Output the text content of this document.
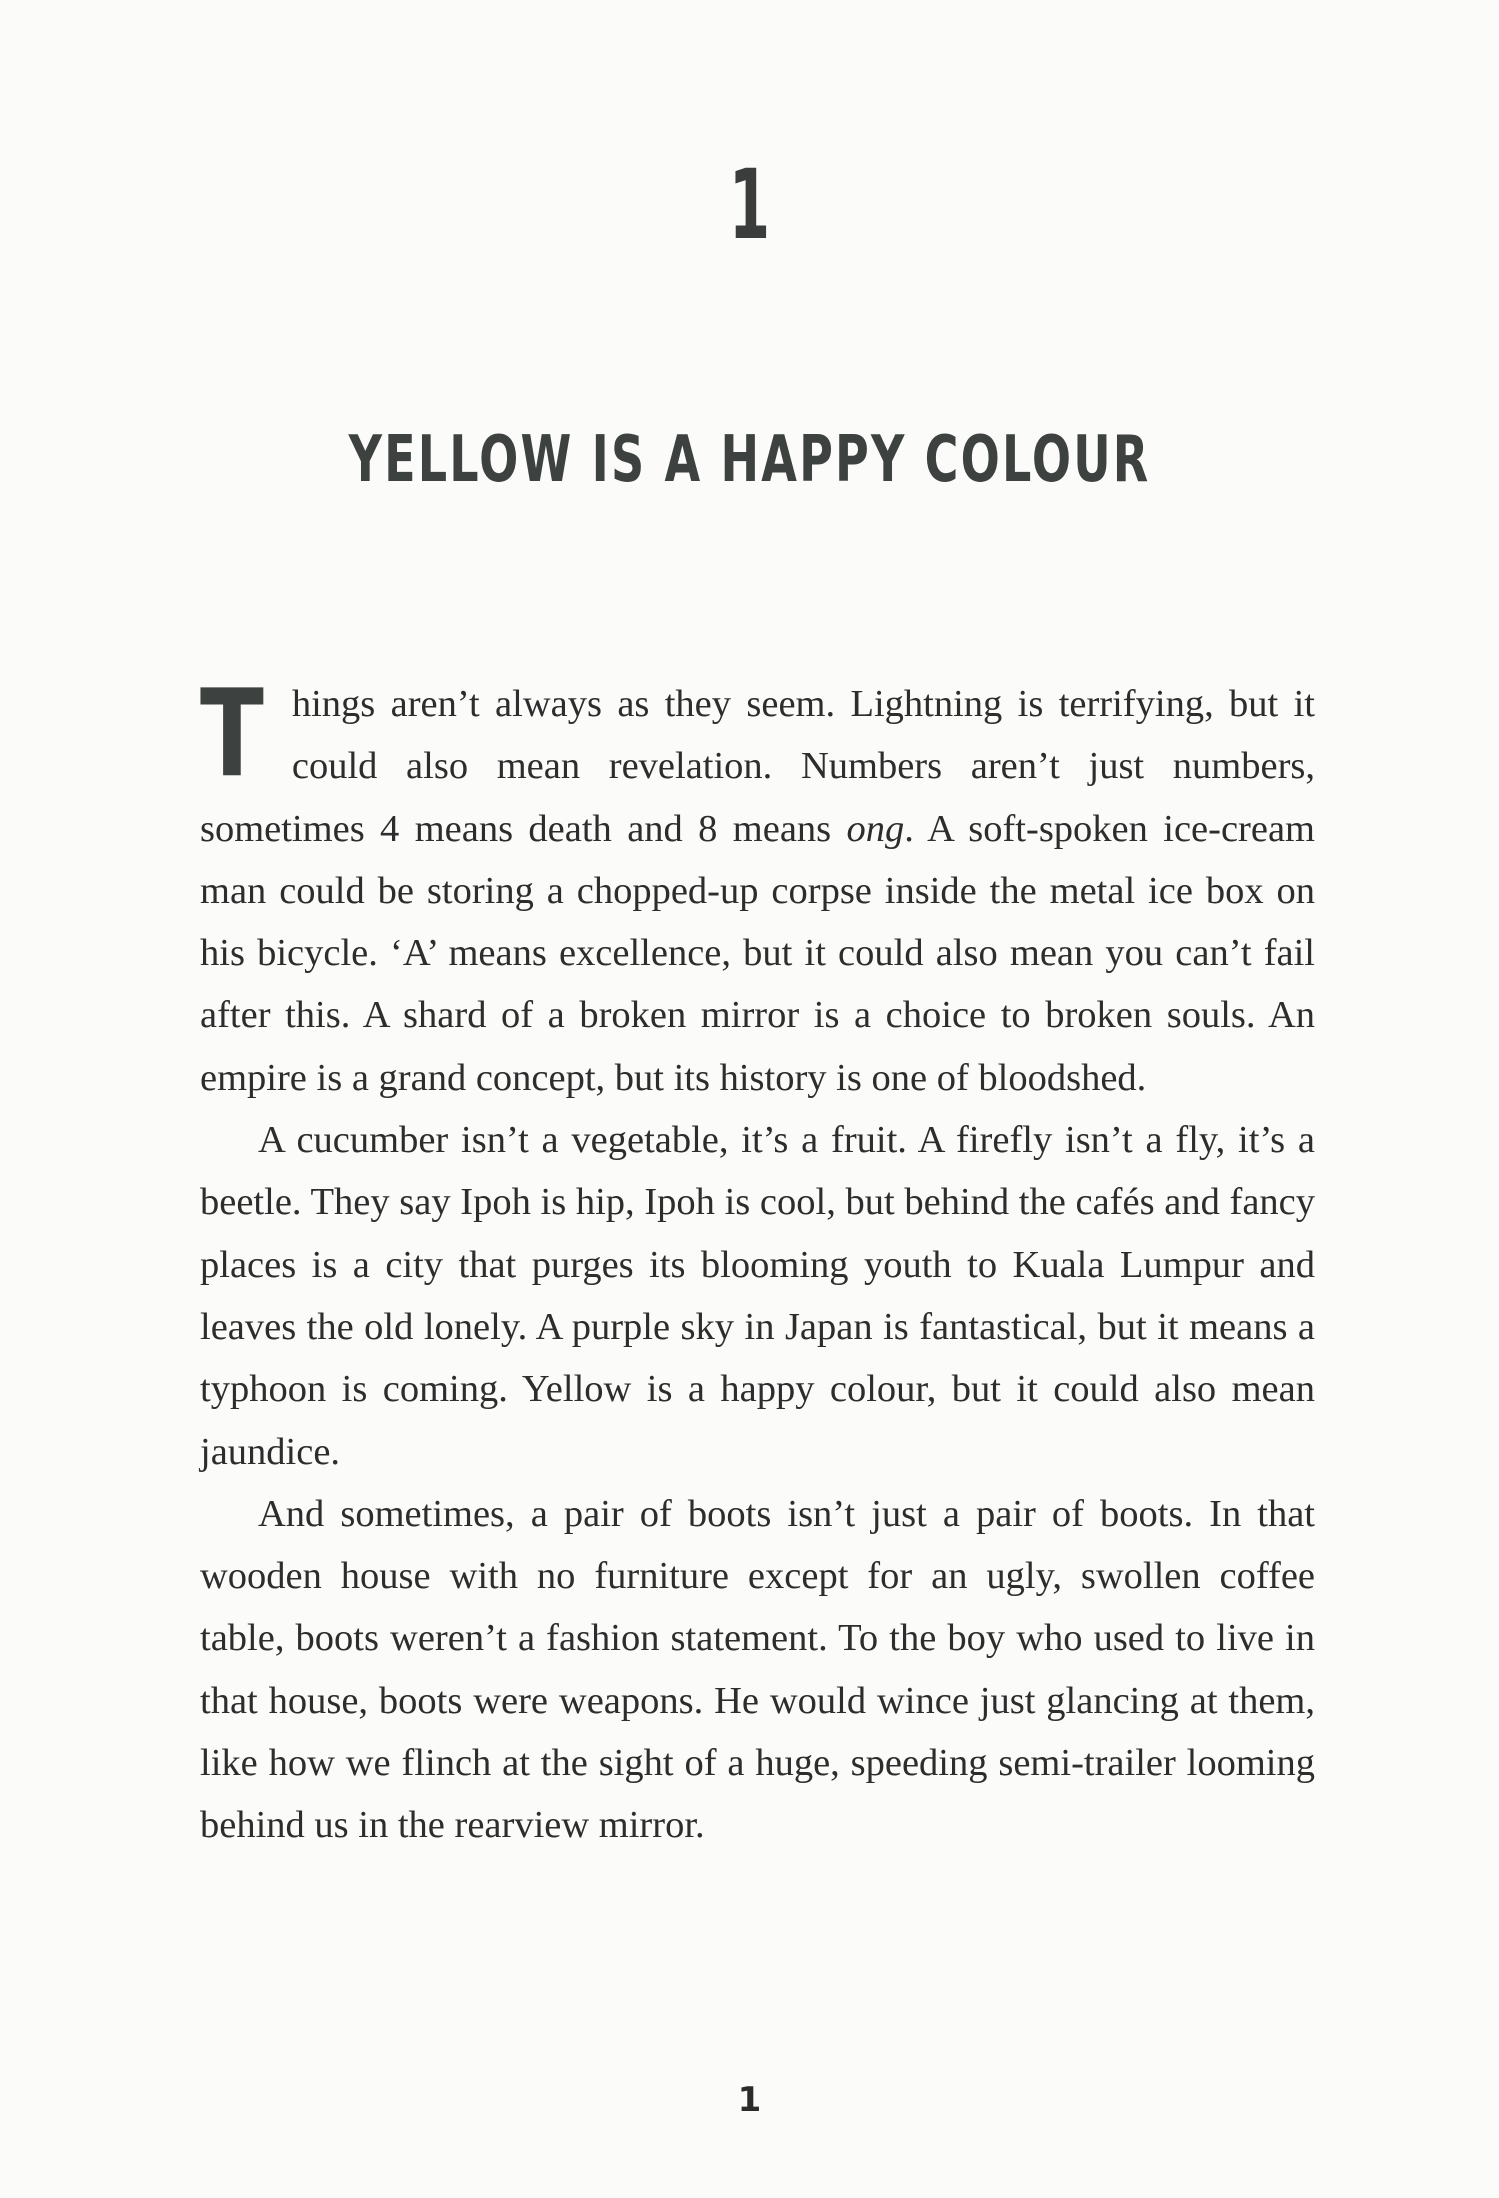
1
YELLOW IS A HAPPY COLOUR

Things aren’t always as they seem. Lightning is terrifying, but it could also mean revelation. Numbers aren’t just numbers, sometimes 4 means death and 8 means ong. A soft-spoken ice-cream man could be storing a chopped-up corpse inside the metal ice box on his bicycle. ‘A’ means excellence, but it could also mean you can’t fail after this. A shard of a broken mirror is a choice to broken souls. An empire is a grand concept, but its history is one of bloodshed.

A cucumber isn’t a vegetable, it’s a fruit. A firefly isn’t a fly, it’s a beetle. They say Ipoh is hip, Ipoh is cool, but behind the cafés and fancy places is a city that purges its blooming youth to Kuala Lumpur and leaves the old lonely. A purple sky in Japan is fantastical, but it means a typhoon is coming. Yellow is a happy colour, but it could also mean jaundice.

And sometimes, a pair of boots isn’t just a pair of boots. In that wooden house with no furniture except for an ugly, swollen coffee table, boots weren’t a fashion statement. To the boy who used to live in that house, boots were weapons. He would wince just glancing at them, like how we flinch at the sight of a huge, speeding semi-trailer looming behind us in the rearview mirror.

1
